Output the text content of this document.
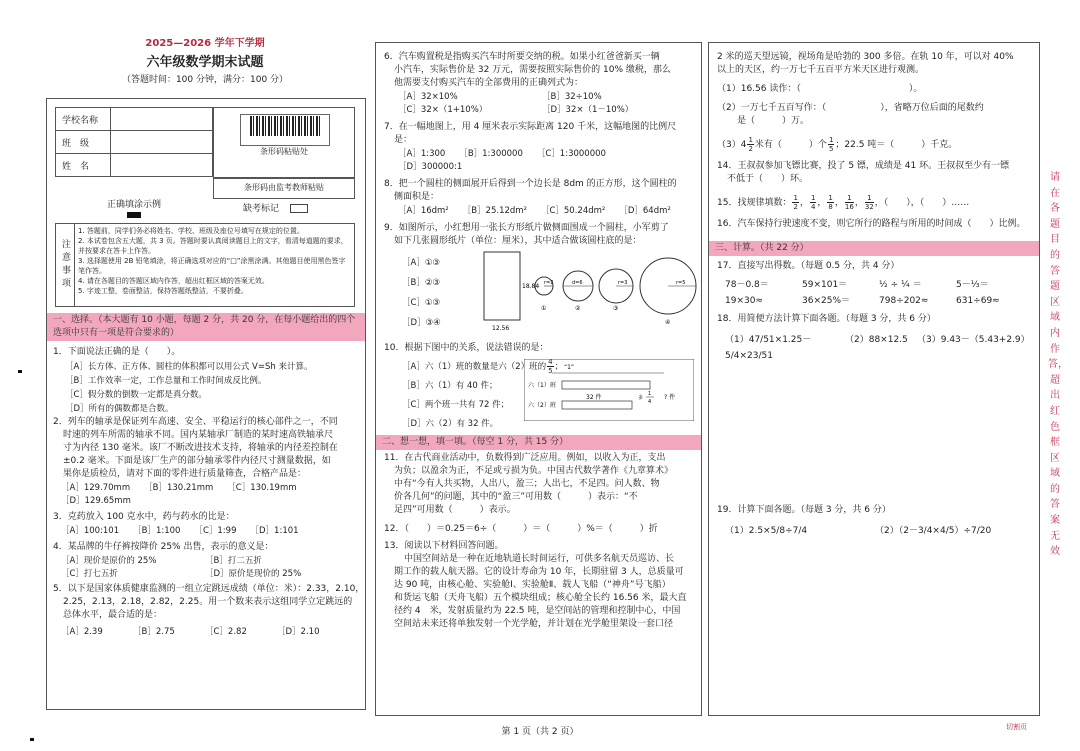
2025—2026 学年下学期

六年级数学期末试题

（答题时间：100 分钟，满分：100 分）

学校名称	
班　级	
姓　名	
条形码粘贴处
条形码由监考教师粘贴
正确填涂示例	缺考标记
注意事项

1. 答题前，同学们务必将姓名、学校、班级及座位号填写在规定的位置。

2. 本试卷包含五大题，共 3 页。答题时要认真阅读题目上的文字，看清每道题的要求，并按要求在答卡上作答。

3. 选择题使用 2B 铅笔填涂，将正确选项对应的“□”涂黑涂满。其他题目使用黑色签字笔作答。

4. 请在各题目的答题区域内作答，超出红框区域的答案无效。

5. 字迹工整，卷面整洁，保持答题纸整洁，不要折叠。

一、选择。（本大题有 10 小题，每题 2 分，共 20 分，在每小题给出的四个选项中只有一项是符合要求的）

1．下面说法正确的是（　　）。

［A］长方体、正方体、圆柱的体积都可以用公式 V=Sh 来计算。
［B］工作效率一定，工作总量和工作时间成反比例。
［C］假分数的倒数一定都是真分数。
［D］所有的偶数都是合数。

2．列车的轴承是保证列车高速、安全、平稳运行的核心部件之一，不同

时速的列车所需的轴承不同。国内某轴承厂制造的某时速高铁轴承尺

寸为内径 130 毫米。该厂不断改进技术支持，将轴承的内径差控制在

±0.2 毫米。下面是该厂生产的部分轴承零件内径尺寸测量数据，如

果你是质检员，请对下面的零件进行质量筛查，合格产品是：

［A］129.70mm ［B］130.21mm ［C］130.19mm
［D］129.65mm

3．克药放入 100 克水中，药与药水的比是：

［A］100:101 ［B］1:100 ［C］1:99 ［D］1:101

4．某品牌的牛仔裤按降价 25% 出售，表示的意义是：

［A］现价是原价的 25%	［B］打二五折
［C］打七五折	［D］原价是现价的 25%

5．以下是国家体质健康监测的一组立定跳远成绩（单位：米）：2.33，2.10，

2.25，2.13，2.18，2.82，2.25。用一个数来表示这组同学立定跳远的

总体水平，最合适的是：

［A］2.39	［B］2.75	［C］2.82	［D］2.10

6．汽车购置税是指购买汽车时所要交纳的税。如果小红爸爸新买一辆

小汽车，实际售价是 32 万元，需要按照实际售价的 10% 缴税，那么

他需要支付购买汽车的全部费用的正确列式为：

［A］32×10%	［B］32÷10%
［C］32×（1+10%）	［D］32×（1－10%）

7．在一幅地图上，用 4 厘米表示实际距离 120 千米，这幅地图的比例尺

是：

［A］1:300 ［B］1:300000 ［C］1:3000000
［D］300000:1

8．把一个圆柱的侧面展开后得到一个边长是 8dm 的正方形，这个圆柱的

侧面积是：

［A］16dm² ［B］25.12dm² ［C］50.24dm² ［D］64dm²

9．如图所示，小红想用一张长方形纸片做侧面围成一个圆柱，小军剪了

如下几张圆形纸片（单位：厘米），其中适合做该圆柱底的是：

［A］①③
［B］②③
［C］①③
［D］③④
18.84
12.56
r=2	d=6	r=3	r=5
①	②	③
④

10．根据下图中的关系，说法错误的是：

［A］六（1）班的数量是六（2）班的 $\frac{4}{5}$ ；
［B］六（1）有 40 件；
［C］两个班一共有 72 件；
［D］六（2）有 32 件。
“1”
六（1）班
六（2）班
32 件	多
1
4
? 件
二、想一想，填一填。（每空 1 分，共 15 分）

11．在古代商业活动中，负数得到广泛应用。例如，以收入为正，支出

为负；以盈余为正，不足或亏损为负。中国古代数学著作《九章算术》

中有“今有人共买物，人出八，盈三；人出七，不足四。问人数、物

价各几何”的问题，其中的“盈三”可用数（　　　）表示：“不

足四”可用数（　　　）表示。

12．（　　）＝0.25＝6÷（　　　）＝（　　　）%＝（　　　）折

13．阅读以下材料回答问题。

中国空间站是一种在近地轨道长时间运行，可供多名航天员巡访、长

期工作的载人航天器。它的设计寿命为 10 年，长期驻留 3 人，总质量可

达 90 吨，由核心舱、实验舱Ⅰ、实验舱Ⅱ、载人飞船（“神舟”号飞船）

和货运飞船（天舟飞船）五个模块组成；核心舱全长约 16.56 米，最大直

径约 4　米，发射质量约为 22.5 吨，是空间站的管理和控制中心，中国

空间站未来还将单独发射一个光学舱，并计划在光学舱里架设一套口径

2 米的巡天望远镜，视场角是哈勃的 300 多倍。在轨 10 年，可以对 40%

以上的天区，约一万七千五百平方米天区进行观测。

（1）16.56 读作：（　　　　　　　　　　　　）。

（2）一万七千五百写作：（　　　　　　），省略万位后面的尾数约

是（　　　）万。

$(3)4 \frac{1}{2}$ 米有（　　　）个 $\frac{1}{5}$ ；22.5 吨＝（　　　）千克。

14．王叔叔参加飞镖比赛，投了 5 镖，成绩是 41 环。王叔叔至少有一镖

不低于（　　）环。

15．找规律填数： $\frac{1}{2}$ ， $\frac{1}{4}$ ， $\frac{1}{8}$ ， $\frac{1}{16}$ ， $\frac{1}{32}$ ，（　　），（　　）……

16．汽车保持行驶速度不变，则它所行的路程与所用的时间成（　　）比例。

三、计算。（共 22 分）

17．直接写出得数。（每题 0.5 分，共 4 分）

78－0.8＝	59×101＝	½ ÷ ¼ ＝	5－⅓＝
19×30≈	36×25%＝	798÷202≈	631÷69≈

18．用简便方法计算下面各题。（每题 3 分，共 6 分）

（1）47/51×1.25－5/4×23/51
（2）88×12.5	（3）9.43－（5.43+2.9）

19．计算下面各题。（每题 3 分，共 6 分）

（1）2.5×5/8÷7/4	（2）（2－3/4×4/5）÷7/20
请在各题目的答题区域内作答，超出红色框区域的答案无效
第 1 页（共 2 页）	切割页
